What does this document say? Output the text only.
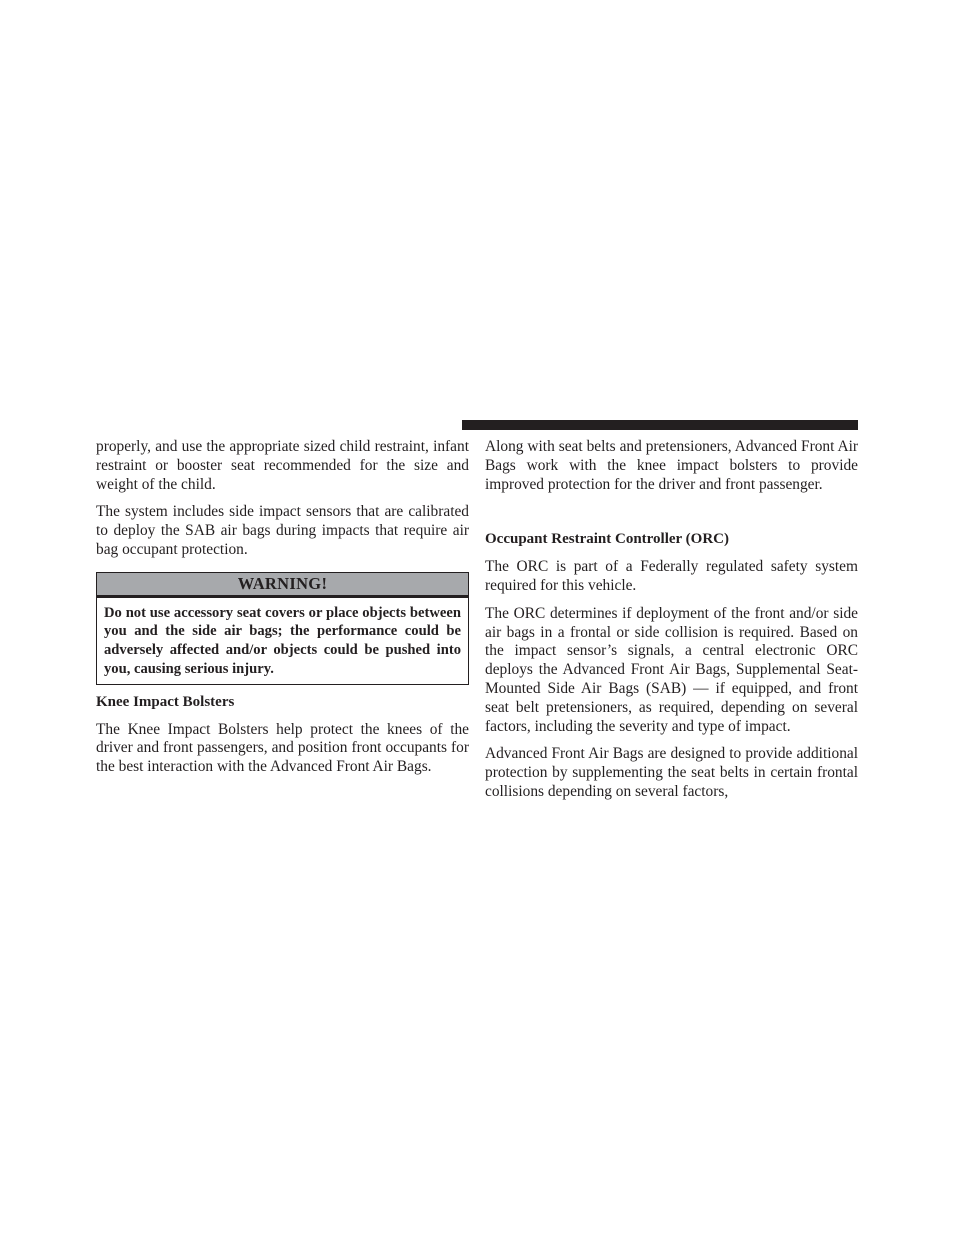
properly, and use the appropriate sized child restraint, infant restraint or booster seat recommended for the size and weight of the child.

The system includes side impact sensors that are calibrated to deploy the SAB air bags during impacts that require air bag occupant protection.

WARNING!

Do not use accessory seat covers or place objects between you and the side air bags; the performance could be adversely affected and/or objects could be pushed into you, causing serious injury.

Knee Impact Bolsters

The Knee Impact Bolsters help protect the knees of the driver and front passengers, and position front occupants for the best interaction with the Advanced Front Air Bags.

Along with seat belts and pretensioners, Advanced Front Air Bags work with the knee impact bolsters to provide improved protection for the driver and front passenger.

Occupant Restraint Controller (ORC)

The ORC is part of a Federally regulated safety system required for this vehicle.

The ORC determines if deployment of the front and/or side air bags in a frontal or side collision is required. Based on the impact sensor’s signals, a central electronic ORC deploys the Advanced Front Air Bags, Supplemental Seat-Mounted Side Air Bags (SAB) — if equipped, and front seat belt pretensioners, as required, depending on several factors, including the severity and type of impact.

Advanced Front Air Bags are designed to provide additional protection by supplementing the seat belts in certain frontal collisions depending on several factors,
